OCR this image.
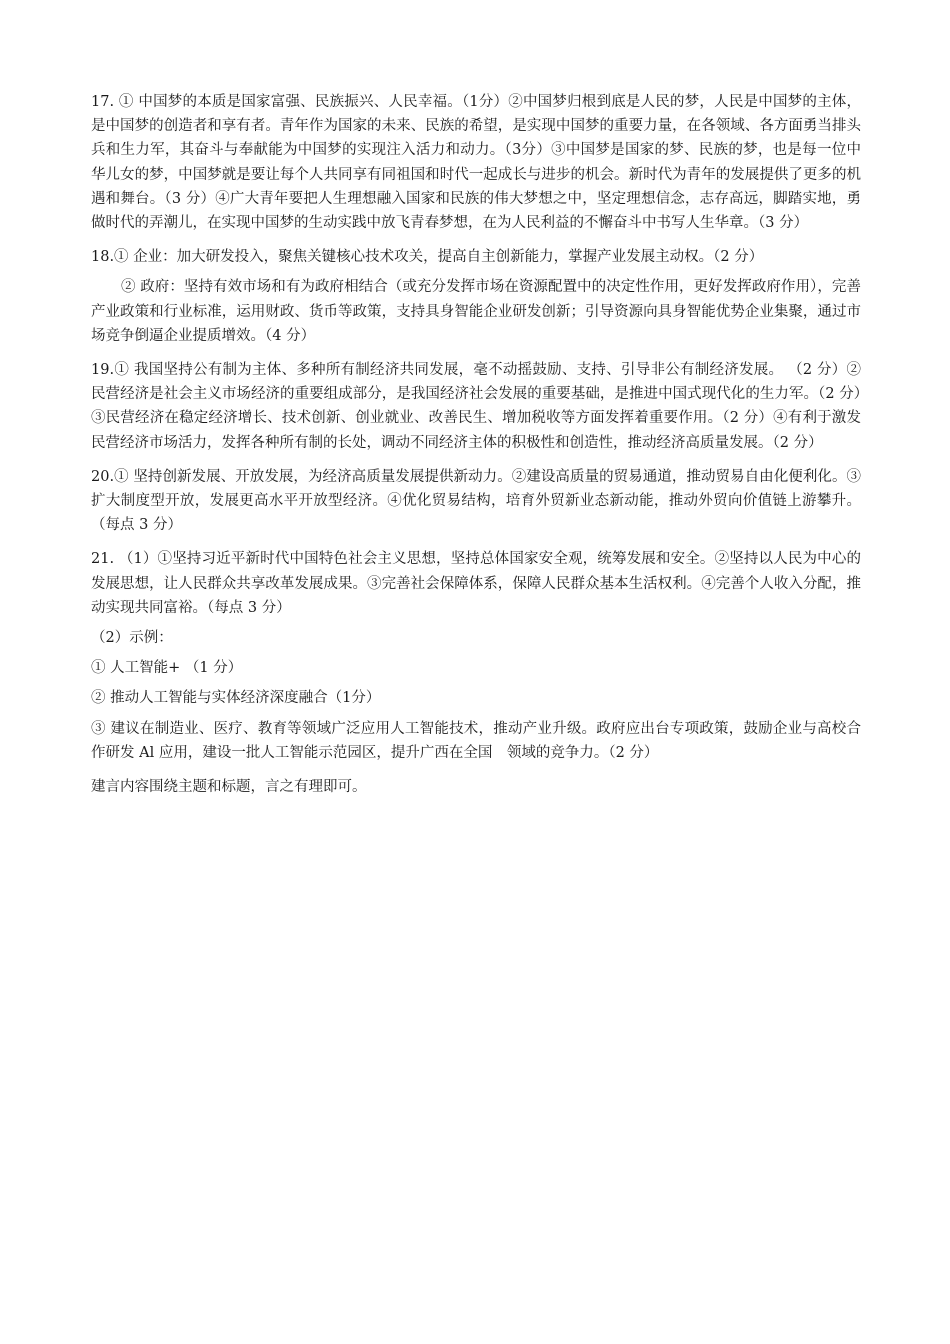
17. ① 中国梦的本质是国家富强、民族振兴、人民幸福。（1分）②中国梦归根到底是人民的梦，人民是中国梦的主体，是中国梦的创造者和享有者。青年作为国家的未来、民族的希望，是实现中国梦的重要力量，在各领域、各方面勇当排头兵和生力军，其奋斗与奉献能为中国梦的实现注入活力和动力。（3分）③中国梦是国家的梦、民族的梦，也是每一位中华儿女的梦，中国梦就是要让每个人共同享有同祖国和时代一起成长与进步的机会。新时代为青年的发展提供了更多的机遇和舞台。（3 分）④广大青年要把人生理想融入国家和民族的伟大梦想之中，坚定理想信念，志存高远，脚踏实地，勇做时代的弄潮儿，在实现中国梦的生动实践中放飞青春梦想，在为人民利益的不懈奋斗中书写人生华章。（3 分）

18.① 企业：加大研发投入，聚焦关键核心技术攻关，提高自主创新能力，掌握产业发展主动权。（2 分）

② 政府：坚持有效市场和有为政府相结合（或充分发挥市场在资源配置中的决定性作用，更好发挥政府作用），完善产业政策和行业标准，运用财政、货币等政策，支持具身智能企业研发创新；引导资源向具身智能优势企业集聚，通过市场竞争倒逼企业提质增效。（4 分）

19.① 我国坚持公有制为主体、多种所有制经济共同发展，毫不动摇鼓励、支持、引导非公有制经济发展。 （2 分）②民营经济是社会主义市场经济的重要组成部分，是我国经济社会发展的重要基础，是推进中国式现代化的生力军。（2 分）③民营经济在稳定经济增长、技术创新、创业就业、改善民生、增加税收等方面发挥着重要作用。（2 分）④有利于激发民营经济市场活力，发挥各种所有制的长处，调动不同经济主体的积极性和创造性，推动经济高质量发展。（2 分）

20.① 坚持创新发展、开放发展，为经济高质量发展提供新动力。②建设高质量的贸易通道，推动贸易自由化便利化。③扩大制度型开放，发展更高水平开放型经济。④优化贸易结构，培育外贸新业态新动能，推动外贸向价值链上游攀升。（每点 3 分）

21. （1）①坚持习近平新时代中国特色社会主义思想，坚持总体国家安全观，统筹发展和安全。②坚持以人民为中心的发展思想，让人民群众共享改革发展成果。③完善社会保障体系，保障人民群众基本生活权利。④完善个人收入分配，推动实现共同富裕。（每点 3 分）

（2）示例：

① 人工智能+ （1 分）

② 推动人工智能与实体经济深度融合（1分）

③ 建议在制造业、医疗、教育等领域广泛应用人工智能技术，推动产业升级。政府应出台专项政策，鼓励企业与高校合作研发 Al 应用，建设一批人工智能示范园区，提升广西在全国　领域的竞争力。（2 分）

建言内容围绕主题和标题，言之有理即可。
